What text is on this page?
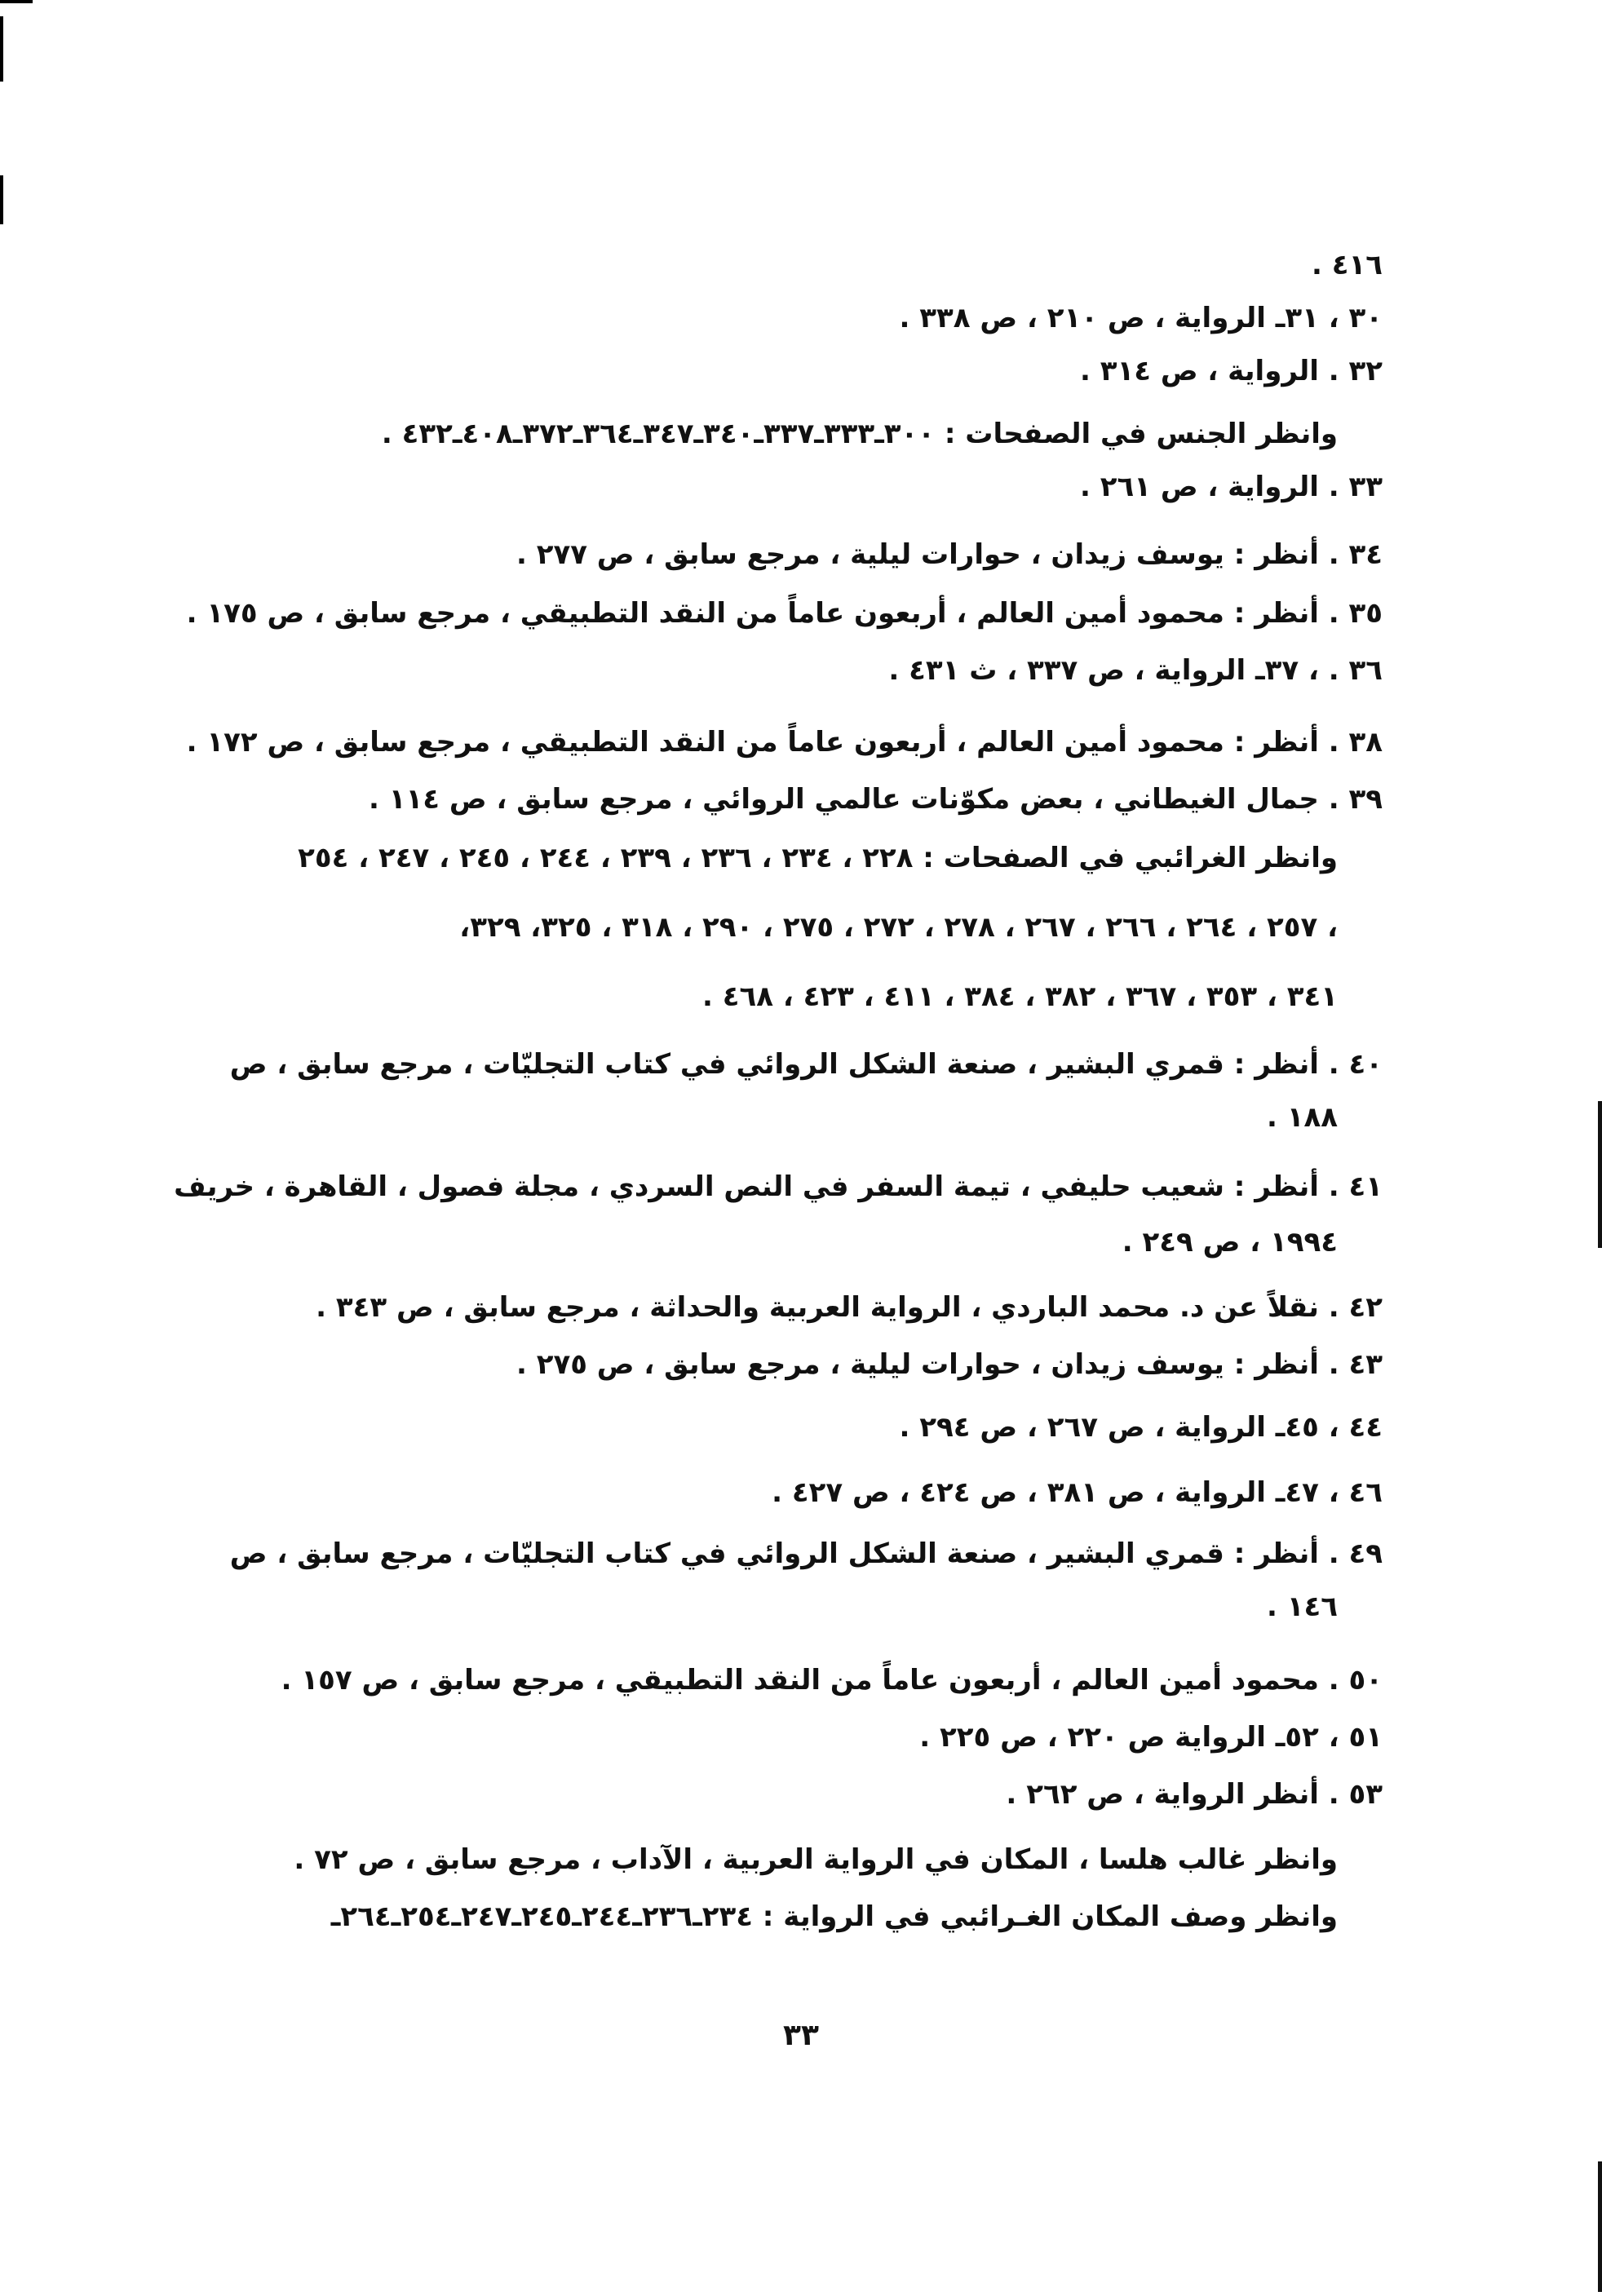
٤١٦ .
٣٠ ، ٣١ـ الرواية ، ص ٢١٠ ، ص ٣٣٨ .
٣٢ . الرواية ، ص ٣١٤ .
وانظر الجنس في الصفحات : ٣٠٠ـ٣٣٣ـ٣٣٧ـ٣٤٠ـ٣٤٧ـ٣٦٤ـ٣٧٢ـ٤٠٨ـ٤٣٢ .
٣٣ . الرواية ، ص ٢٦١ .
٣٤ . أنظر : يوسف زيدان ، حوارات ليلية ، مرجع سابق ، ص ٢٧٧ .
٣٥ . أنظر : محمود أمين العالم ، أربعون عاماً من النقد التطبيقي ، مرجع سابق ، ص ١٧٥ .
٣٦ . ، ٣٧ـ الرواية ، ص ٣٣٧ ، ث ٤٣١ .
٣٨ . أنظر : محمود أمين العالم ، أربعون عاماً من النقد التطبيقي ، مرجع سابق ، ص ١٧٢ .
٣٩ . جمال الغيطاني ، بعض مكوّنات عالمي الروائي ، مرجع سابق ، ص ١١٤ .
وانظر الغرائبي في الصفحات : ٢٢٨ ، ٢٣٤ ، ٢٣٦ ، ٢٣٩ ، ٢٤٤ ، ٢٤٥ ، ٢٤٧ ، ٢٥٤
، ٢٥٧ ، ٢٦٤ ، ٢٦٦ ، ٢٦٧ ، ٢٧٨ ، ٢٧٢ ، ٢٧٥ ، ٢٩٠ ، ٣١٨ ، ٣٢٥، ٣٢٩،
٣٤١ ، ٣٥٣ ، ٣٦٧ ، ٣٨٢ ، ٣٨٤ ، ٤١١ ، ٤٢٣ ، ٤٦٨ .
٤٠ . أنظر : قمري البشير ، صنعة الشكل الروائي في كتاب التجليّات ، مرجع سابق ، ص
١٨٨ .
٤١ . أنظر : شعيب حليفي ، تيمة السفر في النص السردي ، مجلة فصول ، القاهرة ، خريف
١٩٩٤ ، ص ٢٤٩ .
٤٢ . نقلاً عن د. محمد الباردي ، الرواية العربية والحداثة ، مرجع سابق ، ص ٣٤٣ .
٤٣ . أنظر : يوسف زيدان ، حوارات ليلية ، مرجع سابق ، ص ٢٧٥ .
٤٤ ، ٤٥ـ الرواية ، ص ٢٦٧ ، ص ٢٩٤ .
٤٦ ، ٤٧ـ الرواية ، ص ٣٨١ ، ص ٤٢٤ ، ص ٤٢٧ .
٤٩ . أنظر : قمري البشير ، صنعة الشكل الروائي في كتاب التجليّات ، مرجع سابق ، ص
١٤٦ .
٥٠ . محمود أمين العالم ، أربعون عاماً من النقد التطبيقي ، مرجع سابق ، ص ١٥٧ .
٥١ ، ٥٢ـ الرواية ص ٢٢٠ ، ص ٢٢٥ .
٥٣ . أنظر الرواية ، ص ٢٦٢ .
وانظر غالب هلسا ، المكان في الرواية العربية ، الآداب ، مرجع سابق ، ص ٧٢ .
وانظر وصف المكان الغـرائبي في الرواية : ٢٣٤ـ٢٣٦ـ٢٤٤ـ٢٤٥ـ٢٤٧ـ٢٥٤ـ٢٦٤ـ
٣٣
